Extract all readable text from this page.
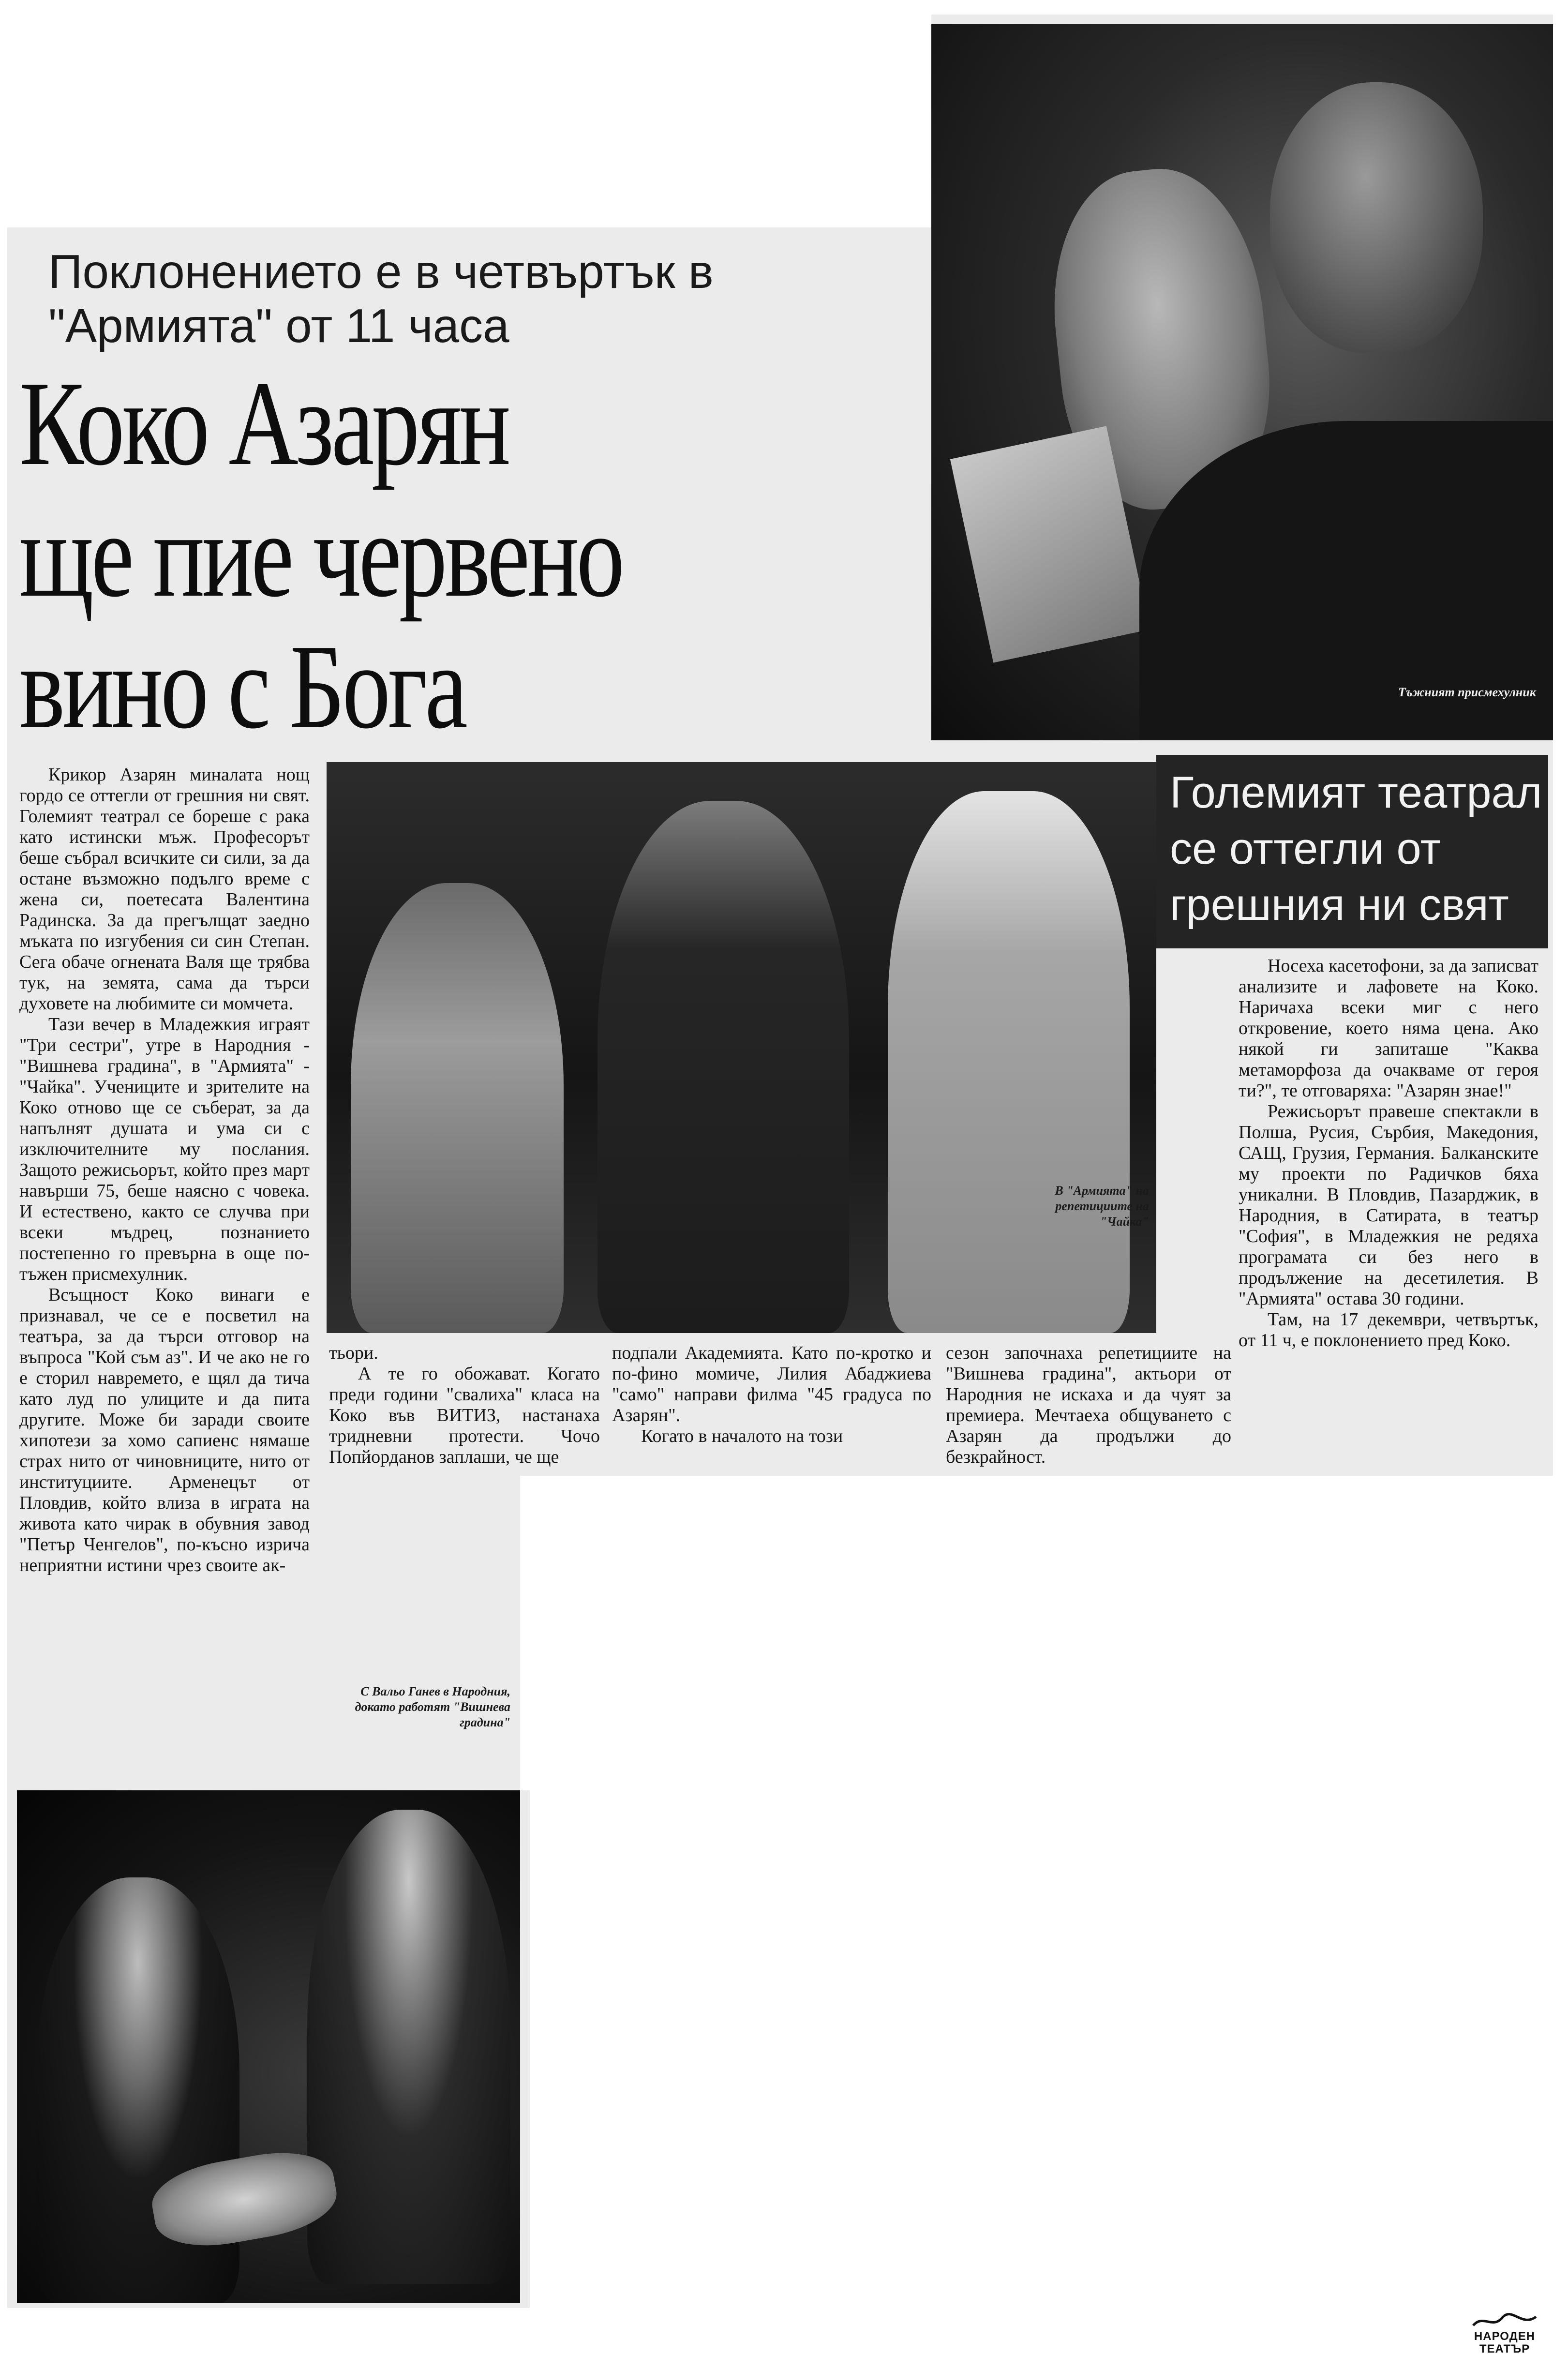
Поклонението е в четвъртък в "Армията" от 11 часа
Коко Азарян ще пие червено вино с Бога	Тъжният присмехулник
В "Армията" на репетициите на "Чайка"
Големият театрал се оттегли от грешния ни свят

Крикор Азарян миналата нощ гордо се оттегли от грешния ни свят. Големият театрал се бореше с рака като истински мъж. Професорът беше събрал всичките си сили, за да остане възможно подълго време с жена си, поетесата Валентина Радинска. За да прегълщат заедно мъката по изгубения си син Степан. Сега обаче огнената Валя ще трябва тук, на земята, сама да търси духовете на любимите си момчета.

Тази вечер в Младежкия играят "Три сестри", утре в Народния - "Вишнева градина", в "Армията" - "Чайка". Учениците и зрителите на Коко отново ще се съберат, за да напълнят душата и ума си с изключителните му послания. Защото режисьорът, който през март навърши 75, беше наясно с човека. И естествено, както се случва при всеки мъдрец, познанието постепенно го превърна в още по-тъжен присмехулник.

Всъщност Коко винаги е признавал, че се е посветил на театъра, за да търси отговор на въпроса "Кой съм аз". И че ако не го е сторил навремето, е щял да тича като луд по улиците и да пита другите. Може би заради своите хипотези за хомо сапиенс нямаше страх нито от чиновниците, нито от институциите. Арменецът от Пловдив, който влиза в играта на живота като чирак в обувния завод "Петър Ченгелов", по-късно изрича неприятни истини чрез своите ак-

тьори.

А те го обожават. Когато преди години "свалиха" класа на Коко във ВИТИЗ, настанаха тридневни протести. Чочо Попйорданов заплаши, че ще

подпали Академията. Като по-кротко и по-фино момиче, Лилия Абаджиева "само" направи филма "45 градуса по Азарян".

Когато в началото на този

сезон започнаха репетициите на "Вишнева градина", актьори от Народния не искаха и да чуят за премиера. Мечтаеха общуването с Азарян да продължи до безкрайност.

Носеха касетофони, за да записват анализите и лафовете на Коко. Наричаха всеки миг с него откровение, което няма цена. Ако някой ги запиташе "Каква метаморфоза да очакваме от героя ти?", те отговаряха: "Азарян знае!"

Режисьорът правеше спектакли в Полша, Русия, Сърбия, Македония, САЩ, Грузия, Германия. Балканските му проекти по Радичков бяха уникални. В Пловдив, Пазарджик, в Народния, в Сатирата, в театър "София", в Младежкия не редяха програмата си без него в продължение на десетилетия. В "Армията" остава 30 години.

Там, на 17 декември, четвъртък, от 11 ч, е поклонението пред Коко.

С Вальо Ганев в Народния, докато работят "Вишнева градина"
НАРОДЕН ТЕАТЪР
